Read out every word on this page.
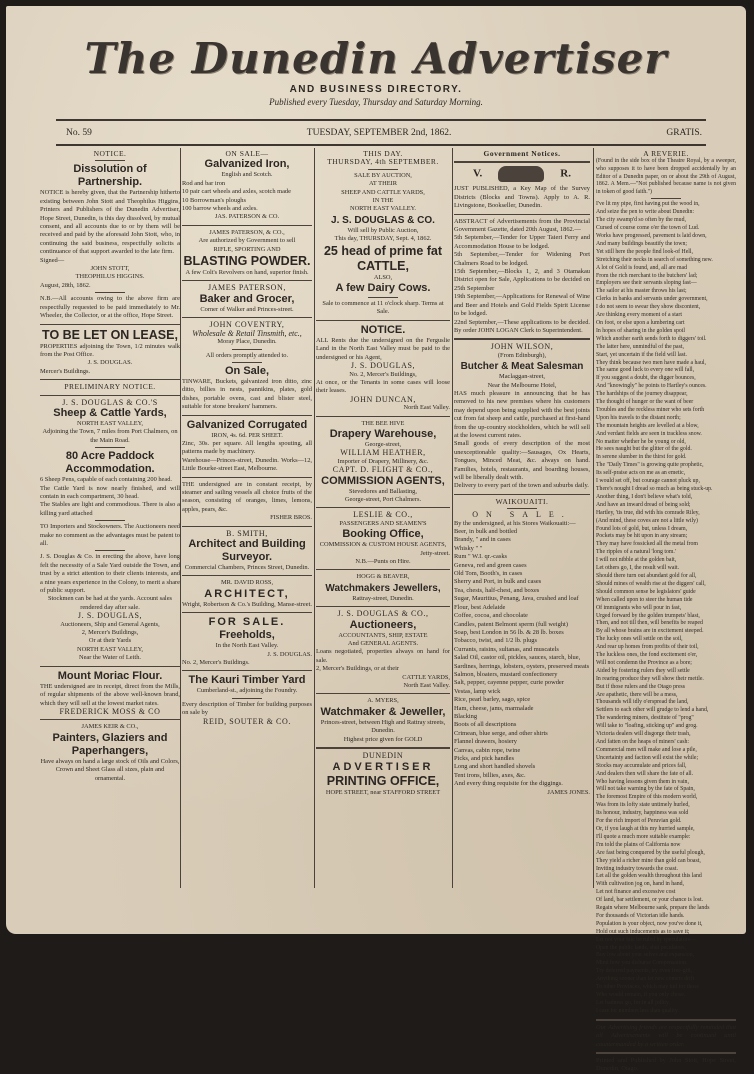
The Dunedin Advertiser
AND BUSINESS DIRECTORY.
Published every Tuesday, Thursday and Saturday Morning.
No. 59	TUESDAY, SEPTEMBER 2nd, 1862.	GRATIS.
NOTICE.
Dissolution of Partnership.
NOTICE is hereby given, that the Partnership hitherto existing between John Stott and Theophilus Higgins, Printers and Publishers of the Dunedin Advertiser, Hope Street, Dunedin, is this day dissolved, by mutual consent, and all accounts due to or by them will be received and paid by the aforesaid John Stott, who, in continuing the said business, respectfully solicits a continuance of that support awarded to the late firm.
Signed—
JOHN STOTT,
THEOPHILUS HIGGINS.
August, 28th, 1862.
N.B.—All accounts owing to the above firm are respectfully requested to be paid immediately to Mr. Wheeler, the Collector, or at the office, Hope Street.
TO BE LET ON LEASE,
PROPERTIES adjoining the Town, 1/2 minutes walk from the Post Office.
J. S. DOUGLAS.
Mercer's Buildings.
PRELIMINARY NOTICE.
J. S. DOUGLAS & CO.'S
Sheep & Cattle Yards,
NORTH EAST VALLEY,
Adjoining the Town, 7 miles from Port Chalmers, on the Main Road.
80 Acre Paddock Accommodation.
6 Sheep Pens, capable of each containing 200 head.
The Cattle Yard is now nearly finished, and will contain in each compartment, 30 head.
The Stables are light and commodious. There is also a killing yard attached
TO Importers and Stockowners. The Auctioneers need make no comment as the advantages must be patent to all.
J. S. Douglas & Co. in erecting the above, have long felt the necessity of a Sale Yard outside the Town, and trust by a strict attention to their clients interests, and a nine years experience in the Colony, to merit a share of public support.
Stockmen can be had at the yards. Account sales rendered day after sale.
J. S. DOUGLAS,
Auctioneers, Ship and General Agents,
2, Mercer's Buildings,
Or at their Yards
NORTH EAST VALLEY,
Near the Water of Leith.
Mount Moriac Flour.
THE undersigned are in receipt, direct from the Mills, of regular shipments of the above well-known brand, which they will sell at the lowest market rates.
FREDERICK MOSS & CO
JAMES KEIR & CO.,
Painters, Glaziers and Paperhangers,
Have always on hand a large stock of Oils and Colors, Crown and Sheet Glass all sizes, plain and ornamental.
ON SALE—
Galvanized Iron,
English and Scotch.
Rod and bar iron
10 pair cart wheels and axles, scotch made
10 Borrowman's ploughs
100 barrow wheels and axles.
JAS. PATERSON & CO.
JAMES PATERSON, & CO.,
Are authorized by Government to sell
RIFLE, SPORTING AND
BLASTING POWDER.
A few Colt's Revolvers on hand, superior finish.
JAMES PATERSON,
Baker and Grocer,
Corner of Walker and Princes-street.
JOHN COVENTRY,
Wholesale & Retail Tinsmith, etc.,
Moray Place, Dunedin.
All orders promptly attended to.
On Sale,
TINWARE, Buckets, galvanized iron ditto, zinc ditto, billies in nests, pannikins, plates, gold dishes, portable ovens, cast and blister steel, suitable for stone breakers' hammers.
Galvanized Corrugated
IRON, 4s. 6d. PER SHEET.
Zinc, 30s. per square. All lengths spouting, all patterns made by machinery.
Warehouse—Princes-street, Dunedin. Works—12, Little Bourke-street East, Melbourne.
THE undersigned are in constant receipt, by steamer and sailing vessels all choice fruits of the season, consisting of oranges, limes, lemons, apples, pears, &c.
FISHER BROS.
B. SMITH,
Architect and Building Surveyor.
Commercial Chambers, Princes Street, Dunedin.
MR. DAVID ROSS,
ARCHITECT,
Wright, Robertson & Co.'s Building, Manse-street.
FOR SALE.
Freeholds,
In the North East Valley.
J. S. DOUGLAS.
No. 2, Mercer's Buildings.
The Kauri Timber Yard
Cumberland-st., adjoining the Foundry.
Every description of Timber for building purposes on sale by
REID, SOUTER & CO.
THIS DAY.
THURSDAY, 4th SEPTEMBER.
SALE BY AUCTION,
AT THEIR
SHEEP AND CATTLE YARDS,
IN THE
NORTH EAST VALLEY.
J. S. DOUGLAS & CO.
Will sell by Public Auction,
This day, THURSDAY, Sept. 4, 1862.
25 head of prime fat
CATTLE,
ALSO,
A few Dairy Cows.
Sale to commence at 11 o'clock sharp. Terms at Sale.
NOTICE.
ALL Rents due the undersigned on the Ferguslie Land in the North East Valley must be paid to the undersigned or his Agent,
J. S. DOUGLAS,
No. 2, Mercer's Buildings,
At once, or the Tenants in some cases will loose their leases.
JOHN DUNCAN,
North East Valley.
THE BEE HIVE
Drapery Warehouse,
George-street,
WILLIAM HEATHER,
Importer of Drapery, Millinery, &c.
CAPT. D. FLIGHT & CO.,
COMMISSION AGENTS,
Stevedores and Ballasting,
George-street, Port Chalmers.
LESLIE & CO.,
PASSENGERS AND SEAMEN'S
Booking Office,
COMMISSION & CUSTOM HOUSE AGENTS,
Jetty-street.
N.B.—Punts on Hire.
HOGG & BEAVER,
Watchmakers Jewellers,
Rattray-street, Dunedin.
J. S. DOUGLAS & CO.,
Auctioneers,
ACCOUNTANTS, SHIP, ESTATE
And GENERAL AGENTS.
Loans negotiated, properties always on hand for sale.
2, Mercer's Buildings, or at their
CATTLE YARDS,
North East Valley.
A. MYERS,
Watchmaker & Jeweller,
Princes-street, between High and Rattray streets, Dunedin.
Highest price given for GOLD
DUNEDIN
ADVERTISER
PRINTING OFFICE,
HOPE STREET, near STAFFORD STREET
Government Notices.
V.	R.
JUST PUBLISHED, a Key Map of the Survey Districts (Blocks and Towns). Apply to A. R. Livingstone, Bookseller, Dunedin.
ABSTRACT of Advertisements from the Provincial Government Gazette, dated 20th August, 1862.—
5th September,—Tender for Upper Taieri Ferry and Accommodation House to be lodged.
5th September,—Tender for Widening Port Chalmers Road to be lodged.
15th September,—Blocks 1, 2, and 3 Otamakau District open for Sale, Applications to be decided on 25th September
19th September,—Applications for Renewal of Wine and Beer and Hotels and Gold Fields Spirit License to be lodged.
22nd September,—These applications to be decided. By order JOHN LOGAN Clerk to Superintendent.
JOHN WILSON,
(From Edinburgh),
Butcher & Meat Salesman
Maclaggan-street,
Near the Melbourne Hotel,
HAS much pleasure in announcing that he has removed to his new premises where his customers may depend upon being supplied with the best joints cut from fat sheep and cattle, purchased at first-hand from the up-country stockholders, which he will sell at the lowest current rates.
Small goods of every description of the most unexceptionable quality:—Sausages, Ox Hearts, Tongues, Minced Meat, &c. always on hand. Families, hotels, restaurants, and boarding houses, will be liberally dealt with.
Delivery to every part of the town and suburbs daily.
WAIKOUAITI.
ON SALE.
By the undersigned, at his Stores Waikouaiti:—
Beer, in bulk and bottled
Brandy, " and in cases
Whisky " "
Rum " W.I. qr.-casks
Geneva, red and green cases
Old Tom, Booth's, in cases
Sherry and Port, in bulk and cases
Tea, chests, half-chest, and boxes
Sugar, Mauritius, Penang, Java, crushed and loaf
Flour, best Adelaide
Coffee, cocoa, and chocolate
Candles, patent Belmont sperm (full weight)
Soap, best London in 56 lb. & 28 lb. boxes
Tobacco, twist, and 1/2 lb. plugs
Currants, raisins, sultanas, and muscatels
Salad Oil, castor oil, pickles, sauces, starch, blue,
Sardines, herrings, lobsters, oysters, preserved meats
Salmon, bloaters, mustard confectionery
Salt, pepper, cayenne pepper, curie powder
Vestas, lamp wick
Rice, pearl barley, sago, spice
Ham, cheese, jams, marmalade
Blacking
Boots of all descriptions
Crimean, blue serge, and other shirts
Flannel drawers, hosiery
Canvas, cabin rope, twine
Picks, and pick handles
Long and short handled shovels
Tent irons, billies, axes, &c.
And every thing requisite for the diggings.
JAMES JONES.
A REVERIE.
(Found in the side box of the Theatre Royal, by a sweeper, who supposes it to have been dropped accidentally by an Editor of a Dunedin paper, on or about the 29th of August, 1862. A Mem.—"Not published because name is not given in token of good faith.")
I've lit my pipe, first having put the wood in,
And seize the pen to write about Dunedin:
The city swamp'd so often by the mud,
Cursed of course come o'er the town of Lud.
Works have progressed, pavement is laid down,
And many buildings beautify the town;
Yet still here the people find look-of Hell,
Stretching their necks in search of something new.
A lot of Gold is found, and, all are mad
From the rich merchant to the butchers' lad;
Employers see their servants sloping fast—
The sailor at his master throws his last;
Clerks in banks and servants under government,
I do not seem to swear they show discontent,
Are thinking every moment of a start
On foot, or else upon a lumbering cart
In hopes of sharing in the golden spoil
Which another earth sends forth to diggers' toil.
The latter here, unmindful of the past,
Start, yet uncertain if the field will last.
They think because two men have made a haul,
The same good luck to every one will fall,
If you suggest a doubt, the digger bounces,
And "knowingly" he points to Hartley's ounces.
The hardships of the journey disappear,
The thought of hunger or the want of beer
Troubles and the reckless miner who sets forth
Upon his travels to the distant north;
The mountain heights are levelled at a blow,
And verdant fields are seen in trackless snow.
No matter whether he be young or old,
He sees naught but the glitter of the gold.
In serene slumber in the thirst for gold.
The "Daily Times" is growing quite prophetic,
Its self-praise acts on me as an emetic,
I would set off, but courage cannot pluck up,
There's nought I dread so much as being stuck-up.
Another thing, I don't believe what's told,
And have an inward dread of being sold;
Hartley, 'tis true, did with his comrade Riley,
(And mind, these coves are not a little wily)
Found lots of gold, but, unless I dream,
Pockets may be hit upon in any stream;
They may have fossicked all the metal from
The ripples of a natural 'long tom.'
I will not nibble at the golden bait,
Let others go, I, the result will wait.
Should there turn out abundant gold for all,
Should mines of wealth rise at the diggers' call,
Should common sense be legislators' guide
When called upon to steer the human tide
Of immigrants who will pour in fast,
Urged forward by the golden trumpets' blast,
Then, and not till then, will benefits be reaped
By all whose brains are in excitement steeped.
The lucky ones will settle on the soil,
And rear up homes from profits of their toil,
The luckless ones, the fond excitement o'er,
Will not condemn the Province as a bore;
Aided by fostering rulers they will settle
In rearing produce they will show their mettle.
But if those rulers and the Otago press
Are apathetic, there will be a mess,
Thousands will idly o'erspread the land,
Settlers to each other will grudge to lend a hand,
The wandering miners, destitute of "prog"
Will take to "loafing, sticking up" and grog.
Victoria dealers will disgorge their trash,
And fatten on the heaps of miners' cash:
Commercial men will make and lose a pile,
Uncertainty and faction will exist the while;
Stocks may accumulate and prices fall,
And dealers then will share the fate of all.
Who having lessons given them in vain,
Will not take warning by the fate of Spain,
The foremost Empire of this modern world,
Was from its lofty state untimely hurled,
Its honour, industry, happiness was sold
For the rich import of Peruvian gold.
Or, if you laugh at this my hurried sample,
I'll quote a much more suitable example:
I'm told the plains of California now
Are fast being conquered by the useful plough,
They yield a richer mine than gold can boast,
Inviting industry towards the coast.
Let all the golden wealth throughout this land
With cultivation jog on, hand in hand,
Let not finance and excessive cost
Of land, bar settlement, or your chance is lost.
Regain where Melbourne sank, prepare the lands
For thousands of Victorian idle hands.
Population is your object, now you've done it,
Hold out such inducements as to save it;
Let not your fate be ruled by speculators—
Open the public lands, shut peculators,
Buy low about your selves and expansion,
Mind how you disburse Compensation.
Try deferred payments, try even free-gift,
Anything sooner than let new comers drift
To other Provinces, which may bid for those
Who would remain, if you only chose.
Let badness go, for in all jollity,
I care for numbers less than quality.
Our Advertising friends are respectfully reminded that all Advertisements will be continued until countermanded by a written order.
Printed and Published by John Stott, Hope Street, Dunedin, Otago.
